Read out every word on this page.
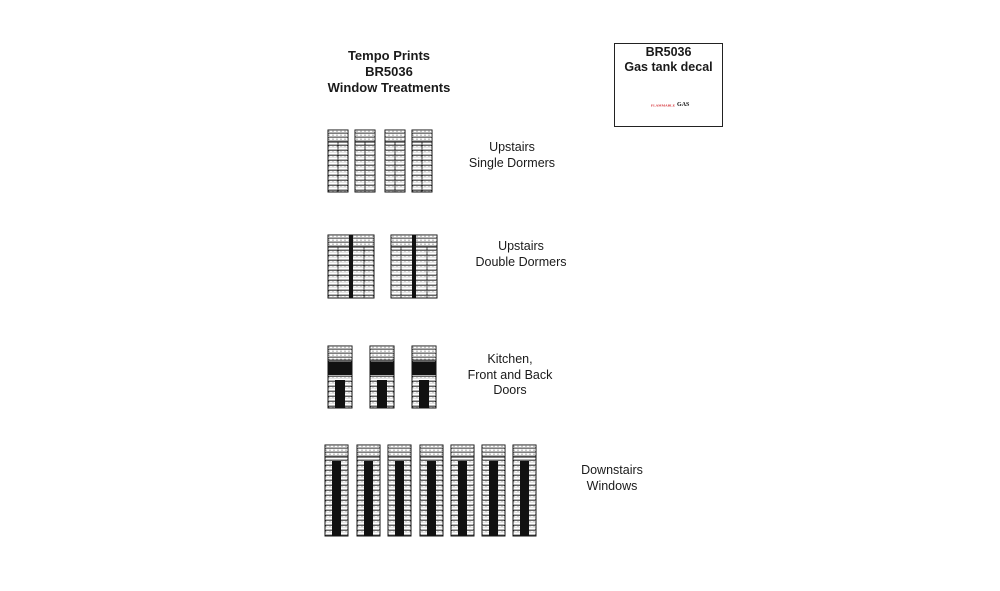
Tempo Prints
BR5036
Window Treatments
BR5036
Gas tank decal
FLAMMABLE GAS
Upstairs
Single Dormers
Upstairs
Double Dormers
Kitchen,
Front and Back
Doors
Downstairs
Windows
